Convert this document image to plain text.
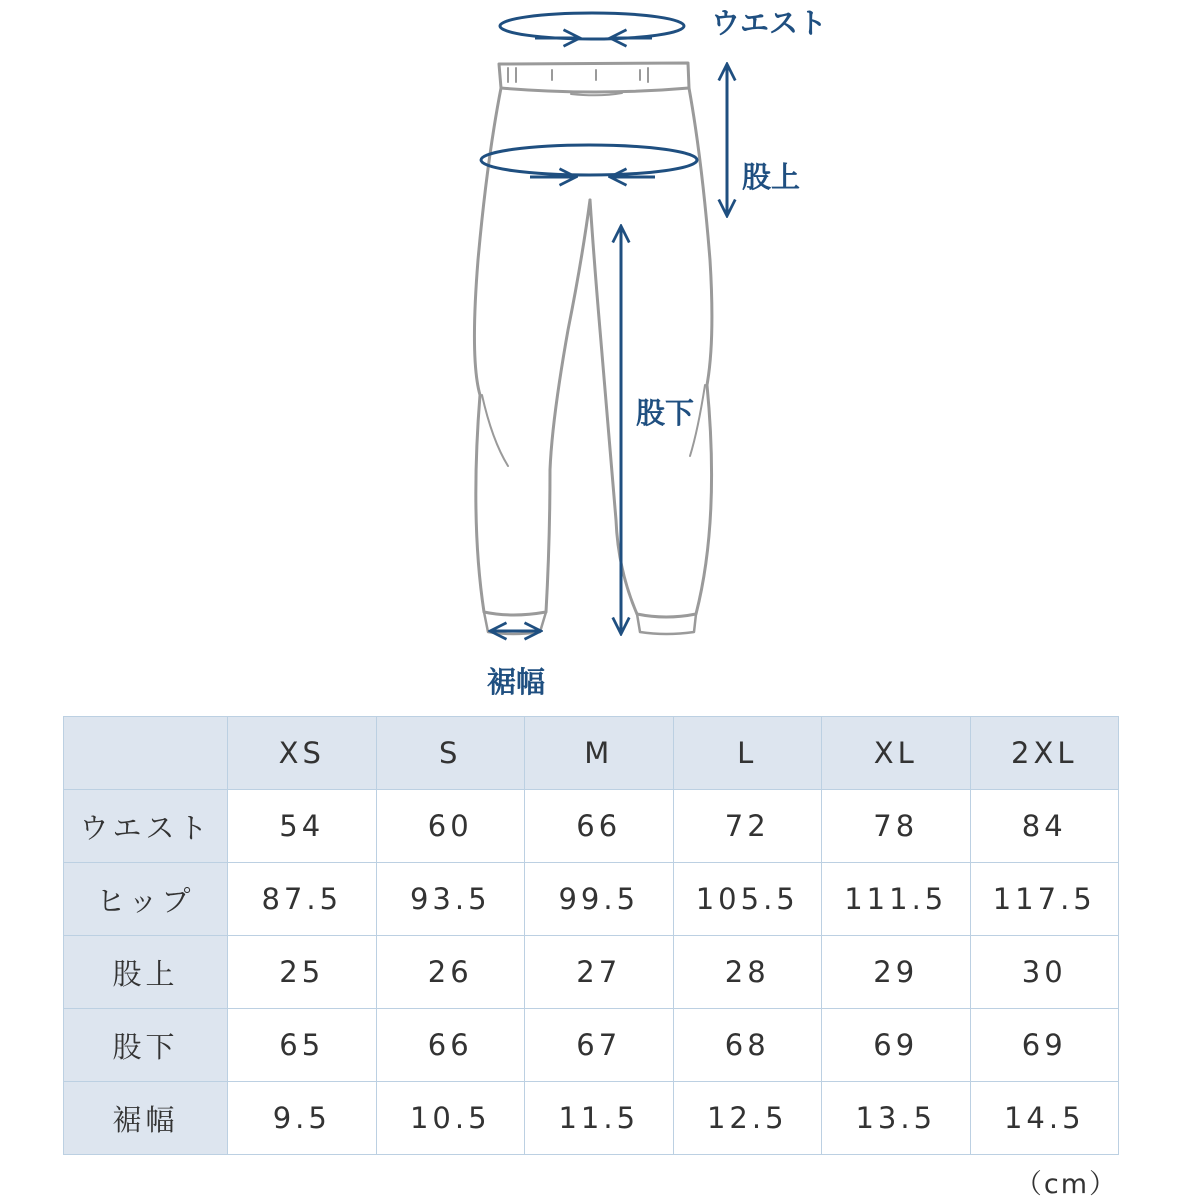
ウエスト
股上
股下
裾幅
	XS	S	M	L	XL	2XL
ウエスト	54	60	66	72	78	84
ヒップ	87.5	93.5	99.5	105.5	111.5	117.5
股上	25	26	27	28	29	30
股下	65	66	67	68	69	69
裾幅	9.5	10.5	11.5	12.5	13.5	14.5
（cm）
